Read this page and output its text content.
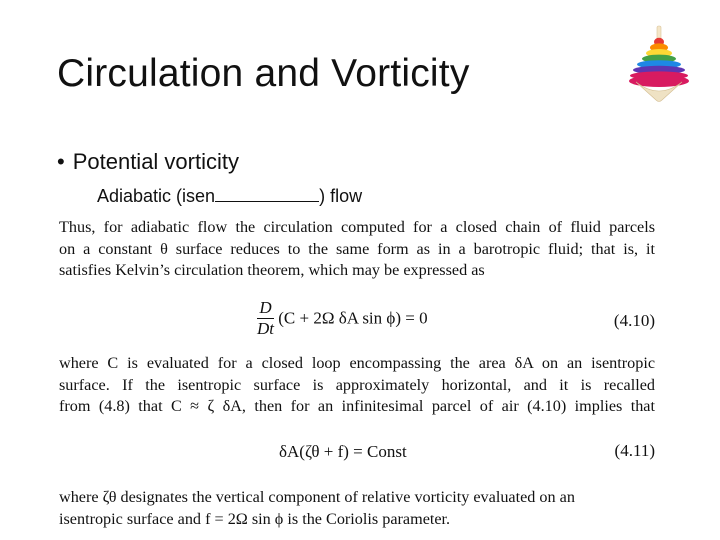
Circulation and Vorticity
• Potential vorticity
Adiabatic (isen	) flow
Thus, for adiabatic flow the circulation computed for a closed chain of fluid parcels
on a constant θ surface reduces to the same form as in a barotropic fluid; that is, it
satisfies Kelvin’s circulation theorem, which may be expressed as
$\frac{D}{Dt} (C + 2\Omega$ δA sin ϕ) = 0	(4.10)
where C is evaluated for a closed loop encompassing the area δA on an isentropic
surface. If the isentropic surface is approximately horizontal, and it is recalled
from (4.8) that C ≈ ζ δA, then for an infinitesimal parcel of air (4.10) implies that
δA(ζθ + f) = Const	(4.11)
where ζθ designates the vertical component of relative vorticity evaluated on an
isentropic surface and f = 2Ω sin ϕ is the Coriolis parameter.
